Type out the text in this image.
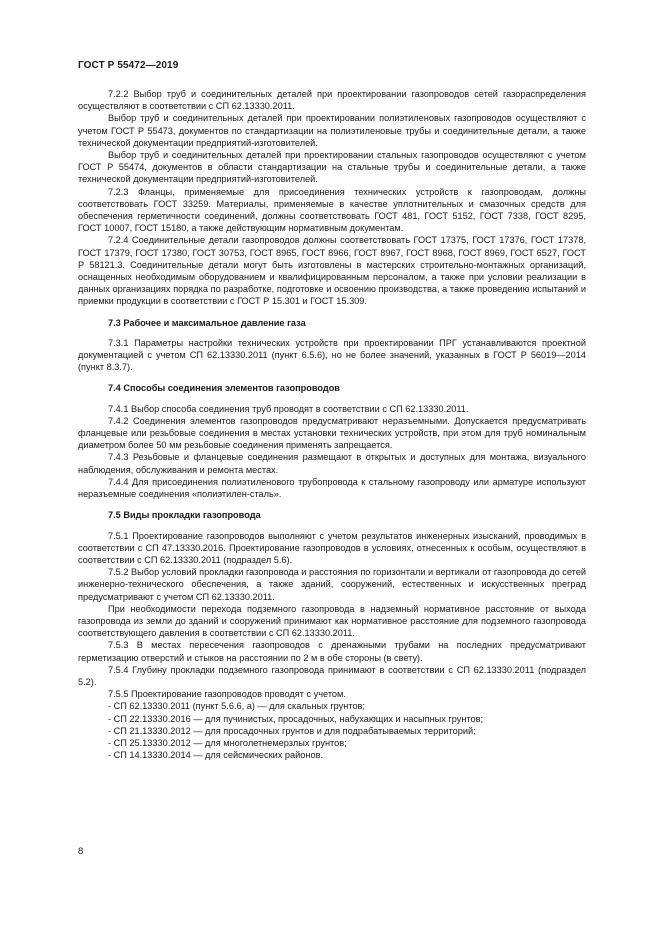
ГОСТ Р 55472—2019

7.2.2 Выбор труб и соединительных деталей при проектировании газопроводов сетей газораспределения осуществляют в соответствии с СП 62.13330.2011.

Выбор труб и соединительных деталей при проектировании полиэтиленовых газопроводов осуществляют с учетом ГОСТ Р 55473, документов по стандартизации на полиэтиленовые трубы и соединительные детали, а также технической документации предприятий-изготовителей.

Выбор труб и соединительных деталей при проектировании стальных газопроводов осуществляют с учетом ГОСТ Р 55474, документов в области стандартизации на стальные трубы и соединительные детали, а также технической документации предприятий-изготовителей.

7.2.3 Фланцы, применяемые для присоединения технических устройств к газопроводам, должны соответствовать ГОСТ 33259. Материалы, применяемые в качестве уплотнительных и смазочных средств для обеспечения герметичности соединений, должны соответствовать ГОСТ 481, ГОСТ 5152, ГОСТ 7338, ГОСТ 8295, ГОСТ 10007, ГОСТ 15180, а также действующим нормативным документам.

7.2.4 Соединительные детали газопроводов должны соответствовать ГОСТ 17375, ГОСТ 17376, ГОСТ 17378, ГОСТ 17379, ГОСТ 17380, ГОСТ 30753, ГОСТ 8965, ГОСТ 8966, ГОСТ 8967, ГОСТ 8968, ГОСТ 8969, ГОСТ 6527, ГОСТ Р 58121.3. Соединительные детали могут быть изготовлены в мастерских строительно-монтажных организаций, оснащенных необходимым оборудованием и квалифицированным персоналом, а также при условии реализации в данных организациях порядка по разработке, подготовке и освоению производства, а также проведению испытаний и приемки продукции в соответствии с ГОСТ Р 15.301 и ГОСТ 15.309.

7.3 Рабочее и максимальное давление газа

7.3.1 Параметры настройки технических устройств при проектировании ПРГ устанавливаются проектной документацией с учетом СП 62.13330.2011 (пункт 6.5.6), но не более значений, указанных в ГОСТ Р 56019—2014 (пункт 8.3.7).

7.4 Способы соединения элементов газопроводов

7.4.1 Выбор способа соединения труб проводят в соответствии с СП 62.13330.2011.

7.4.2 Соединения элементов газопроводов предусматривают неразъемными. Допускается предусматривать фланцевые или резьбовые соединения в местах установки технических устройств, при этом для труб номинальным диаметром более 50 мм резьбовые соединения применять запрещается.

7.4.3 Резьбовые и фланцевые соединения размещают в открытых и доступных для монтажа, визуального наблюдения, обслуживания и ремонта местах.

7.4.4 Для присоединения полиэтиленового трубопровода к стальному газопроводу или арматуре используют неразъемные соединения «полиэтилен-сталь».

7.5 Виды прокладки газопровода

7.5.1 Проектирование газопроводов выполняют с учетом результатов инженерных изысканий, проводимых в соответствии с СП 47.13330.2016. Проектирование газопроводов в условиях, отнесенных к особым, осуществляют в соответствии с СП 62.13330.2011 (подраздел 5.6).

7.5.2 Выбор условий прокладки газопровода и расстояния по горизонтали и вертикали от газопровода до сетей инженерно-технического обеспечения, а также зданий, сооружений, естественных и искусственных преград предусматривают с учетом СП 62.13330.2011.

При необходимости перехода подземного газопровода в надземный нормативное расстояние от выхода газопровода из земли до зданий и сооружений принимают как нормативное расстояние для подземного газопровода соответствующего давления в соответствии с СП 62.13330.2011.

7.5.3 В местах пересечения газопроводов с дренажными трубами на последних предусматривают герметизацию отверстий и стыков на расстоянии по 2 м в обе стороны (в свету).

7.5.4 Глубину прокладки подземного газопровода принимают в соответствии с СП 62.13330.2011 (подраздел 5.2).

7.5.5 Проектирование газопроводов проводят с учетом.

- СП 62.13330.2011 (пункт 5.6.6, а) — для скальных грунтов;

- СП 22.13330.2016 — для пучинистых, просадочных, набухающих и насыпных грунтов;

- СП 21.13330.2012 — для просадочных грунтов и для подрабатываемых территорий;

- СП 25.13330.2012 — для многолетнемерзлых грунтов;

- СП 14.13330.2014 — для сейсмических районов.

8
